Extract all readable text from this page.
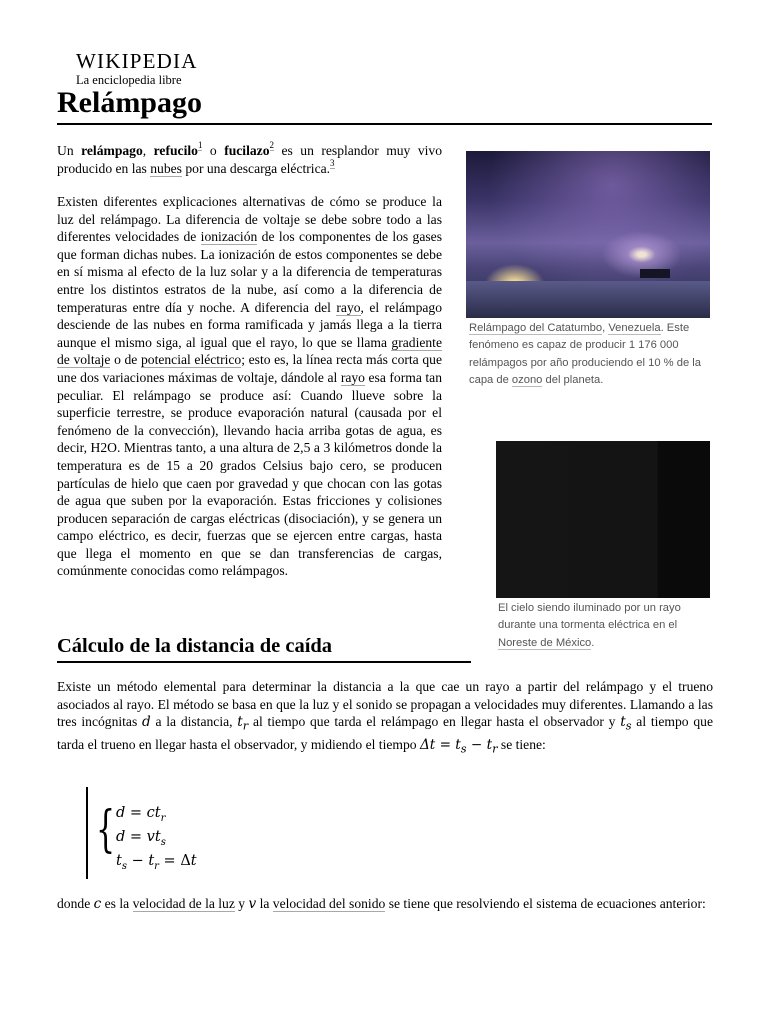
WIKIPEDIA
La enciclopedia libre
Relámpago

Un relámpago, refucilo$^1$ o fucilazo$^2$ es un resplandor muy vivo producido en las nubes por una descarga eléctrica.$^3$

Existen diferentes explicaciones alternativas de cómo se produce la luz del relámpago. La diferencia de voltaje se debe sobre todo a las diferentes velocidades de ionización de los componentes de los gases que forman dichas nubes. La ionización de estos componentes se debe en sí misma al efecto de la luz solar y a la diferencia de temperaturas entre los distintos estratos de la nube, así como a la diferencia de temperaturas entre día y noche. A diferencia del rayo, el relámpago desciende de las nubes en forma ramificada y jamás llega a la tierra aunque el mismo siga, al igual que el rayo, lo que se llama gradiente de voltaje o de potencial eléctrico; esto es, la línea recta más corta que une dos variaciones máximas de voltaje, dándole al rayo esa forma tan peculiar. El relámpago se produce así: Cuando llueve sobre la superficie terrestre, se produce evaporación natural (causada por el fenómeno de la convección), llevando hacia arriba gotas de agua, es decir, H2O. Mientras tanto, a una altura de 2,5 a 3 kilómetros donde la temperatura es de 15 a 20 grados Celsius bajo cero, se producen partículas de hielo que caen por gravedad y que chocan con las gotas de agua que suben por la evaporación. Estas fricciones y colisiones producen separación de cargas eléctricas (disociación), y se genera un campo eléctrico, es decir, fuerzas que se ejercen entre cargas, hasta que llega el momento en que se dan transferencias de cargas, comúnmente conocidas como relámpagos.

Relámpago del Catatumbo, Venezuela. Este fenómeno es capaz de producir 1 176 000 relámpagos por año produciendo el 10 % de la capa de ozono del planeta.
El cielo siendo iluminado por un rayo durante una tormenta eléctrica en el Noreste de México.
Cálculo de la distancia de caída

Existe un método elemental para determinar la distancia a la que cae un rayo a partir del relámpago y el trueno asociados al rayo. El método se basa en que la luz y el sonido se propagan a velocidades muy diferentes. Llamando a las tres incógnitas d a la distancia, $t_r$ al tiempo que tarda el relámpago en llegar hasta el observador y $t_s$ al tiempo que tarda el trueno en llegar hasta el observador, y midiendo el tiempo $\Delta t = t_s - t_r$ se tiene:

{ $d = ct_r$
$d = vt_s$
$t_s - t_r = \Delta t$

donde c es la velocidad de la luz y v la velocidad del sonido se tiene que resolviendo el sistema de ecuaciones anterior:
